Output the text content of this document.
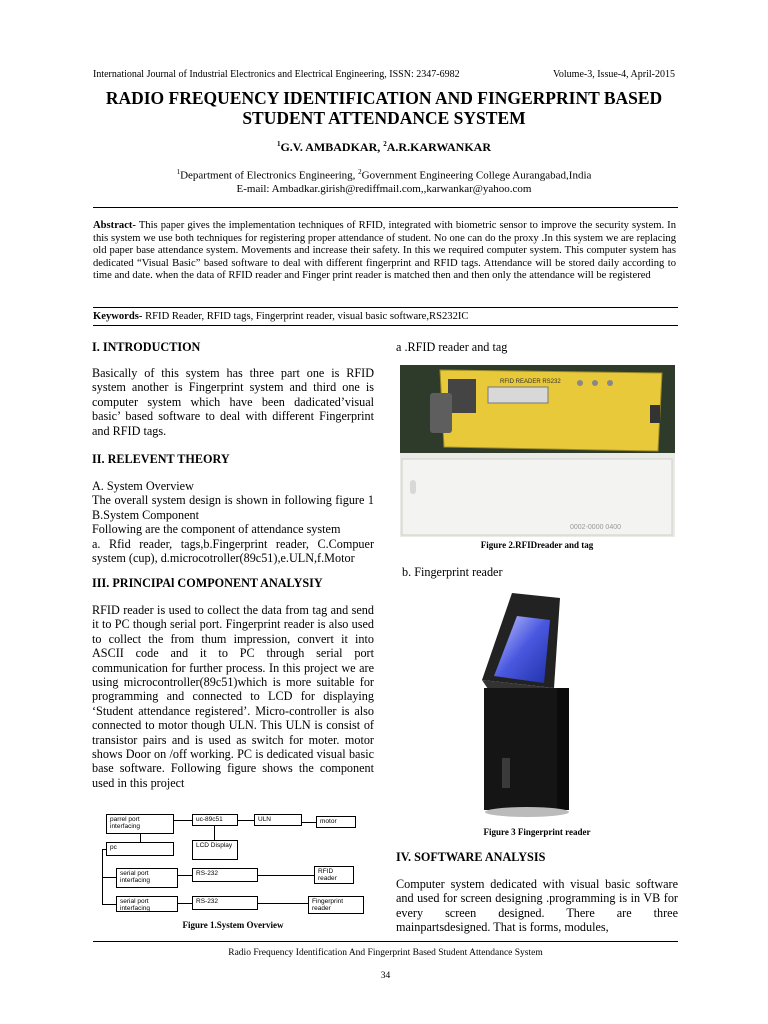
International Journal of Industrial Electronics and Electrical Engineering, ISSN: 2347-6982	Volume-3, Issue-4, April-2015
RADIO FREQUENCY IDENTIFICATION AND FINGERPRINT BASED
STUDENT ATTENDANCE SYSTEM
$^1$G.V. AMBADKAR, $^2$A.R.KARWANKAR
$^1$Department of Electronics Engineering, $^2$Government Engineering College Aurangabad,India
E-mail: Ambadkar.girish@rediffmail.com,,karwankar@yahoo.com
Abstract- This paper gives the implementation techniques of RFID, integrated with biometric sensor to improve the security system. In this system we use both techniques for registering proper attendance of student. No one can do the proxy .In this system we are replacing old paper base attendance system. Movements and increase their safety. In this we required computer system. This computer system has dedicated “Visual Basic” based software to deal with different fingerprint and RFID tags. Attendance will be stored daily according to time and date. when the data of RFID reader and Finger print reader is matched then and then only the attendance will be registered
Keywords- RFID Reader, RFID tags, Fingerprint reader, visual basic software,RS232IC
I. INTRODUCTION
Basically of this system has three part one is RFID system another is Fingerprint system and third one is computer system which have been dadicated’visual basic’ based software to deal with different Fingerprint and RFID tags.
II. RELEVENT THEORY
A. System Overview
The overall system design is shown in following figure 1 B.System Component
Following are the component of attendance system
a. Rfid reader, tags,b.Fingerprint reader, C.Compuer system (cup), d.microcotroller(89c51),e.ULN,f.Motor
III. PRINCIPAl COMPONENT ANALYSIY
RFID reader is used to collect the data from tag and send it to PC though serial port. Fingerprint reader is also used to collect the from thum impression, convert it into ASCII code and it to PC through serial port communication for further process. In this project we are using microcontroller(89c51)which is more suitable for programming and connected to LCD for displaying ‘Student attendance registered’. Micro-controller is also connected to motor though ULN. This ULN is consist of transistor pairs and is used as switch for moter. motor shows Door on /off working. PC is dedicated visual basic base software. Following figure shows the component used in this project
parrel port interfacing
uc-89c51	ULN	motor
pc	LCD Display
serial port interfacing
RS-232	RFID reader
serial port interfacing
RS-232	Fingerprint reader
Figure 1.System Overview
a .RFID reader and tag
RFID READER RS232
0002-0000 0400
Figure 2.RFIDreader and tag
b. Fingerprint reader
Figure 3 Fingerprint reader
IV. SOFTWARE ANALYSIS
Computer system dedicated with visual basic software and used for screen designing .programming is in VB for every screen designed. There are three mainpartsdesigned. That is forms, modules,
Radio Frequency Identification And Fingerprint Based Student Attendance System
34
